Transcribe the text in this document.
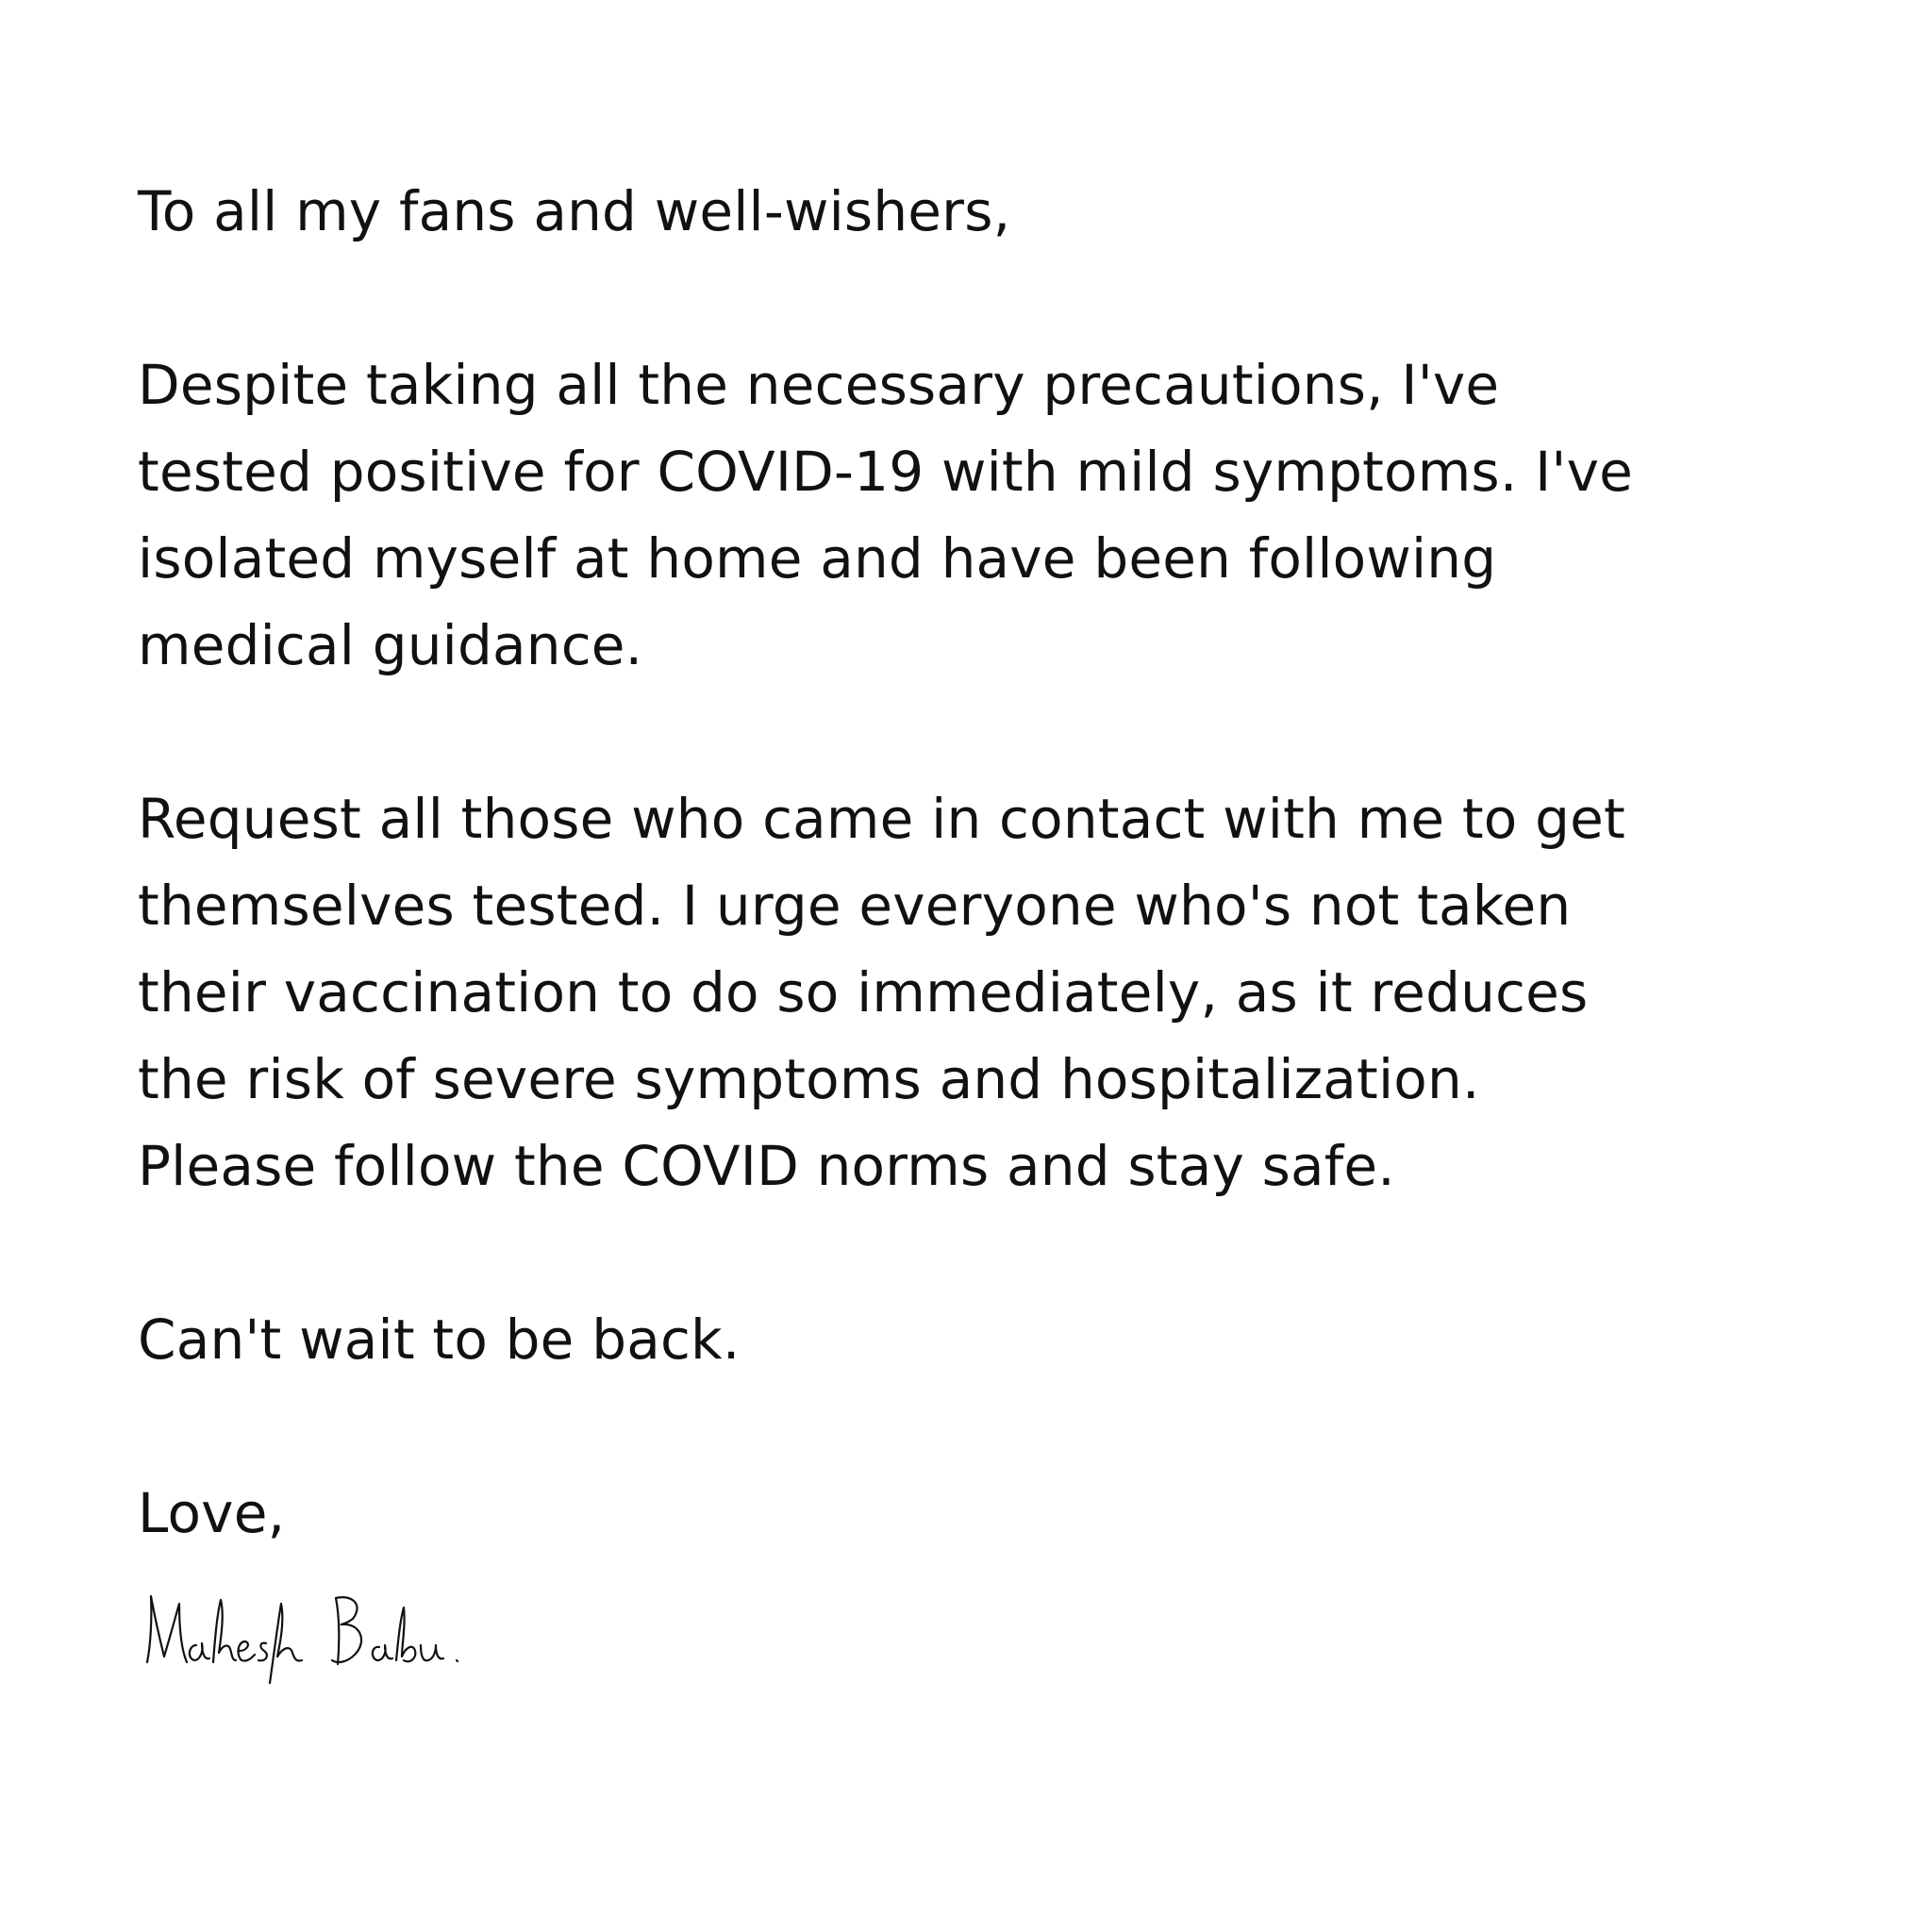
To all my fans and well-wishers,

Despite taking all the necessary precautions, I've
tested positive for COVID-19 with mild symptoms. I've
isolated myself at home and have been following
medical guidance.

Request all those who came in contact with me to get
themselves tested. I urge everyone who's not taken
their vaccination to do so immediately, as it reduces
the risk of severe symptoms and hospitalization.
Please follow the COVID norms and stay safe.

Can't wait to be back.

Love,
